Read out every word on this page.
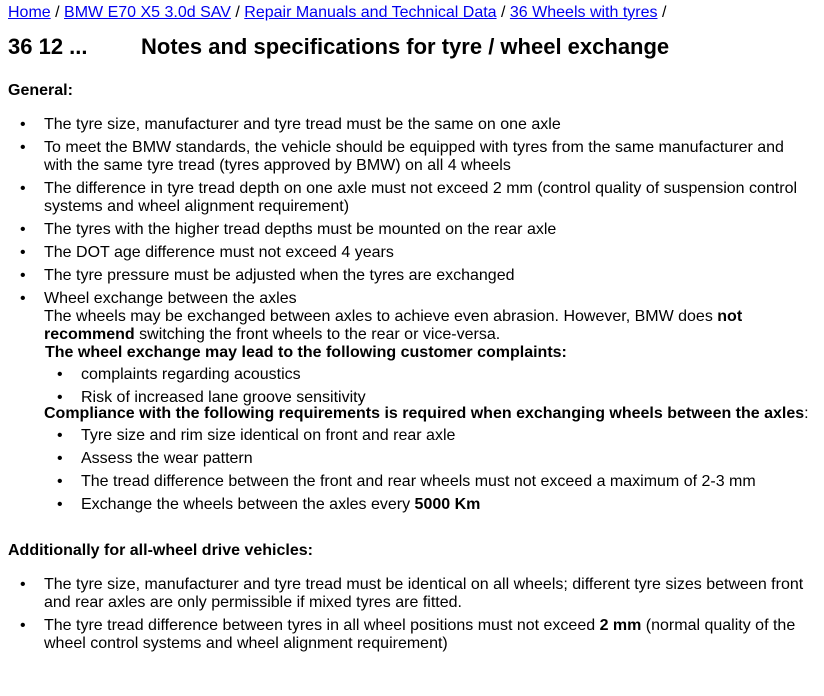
Home / BMW E70 X5 3.0d SAV / Repair Manuals and Technical Data / 36 Wheels with tyres /
36 12 ...	Notes and specifications for tyre / wheel exchange
General:
• The tyre size, manufacturer and tyre tread must be the same on one axle
• To meet the BMW standards, the vehicle should be equipped with tyres from the same manufacturer and with the same tyre tread (tyres approved by BMW) on all 4 wheels
• The difference in tyre tread depth on one axle must not exceed 2 mm (control quality of suspension control systems and wheel alignment requirement)
• The tyres with the higher tread depths must be mounted on the rear axle
• The DOT age difference must not exceed 4 years
• The tyre pressure must be adjusted when the tyres are exchanged
• Wheel exchange between the axles
The wheels may be exchanged between axles to achieve even abrasion. However, BMW does not recommend switching the front wheels to the rear or vice-versa.
The wheel exchange may lead to the following customer complaints:
• complaints regarding acoustics
• Risk of increased lane groove sensitivity
Compliance with the following requirements is required when exchanging wheels between the axles:
• Tyre size and rim size identical on front and rear axle
• Assess the wear pattern
• The tread difference between the front and rear wheels must not exceed a maximum of 2-3 mm
• Exchange the wheels between the axles every 5000 Km
Additionally for all-wheel drive vehicles:
• The tyre size, manufacturer and tyre tread must be identical on all wheels; different tyre sizes between front and rear axles are only permissible if mixed tyres are fitted.
• The tyre tread difference between tyres in all wheel positions must not exceed 2 mm (normal quality of the wheel control systems and wheel alignment requirement)
